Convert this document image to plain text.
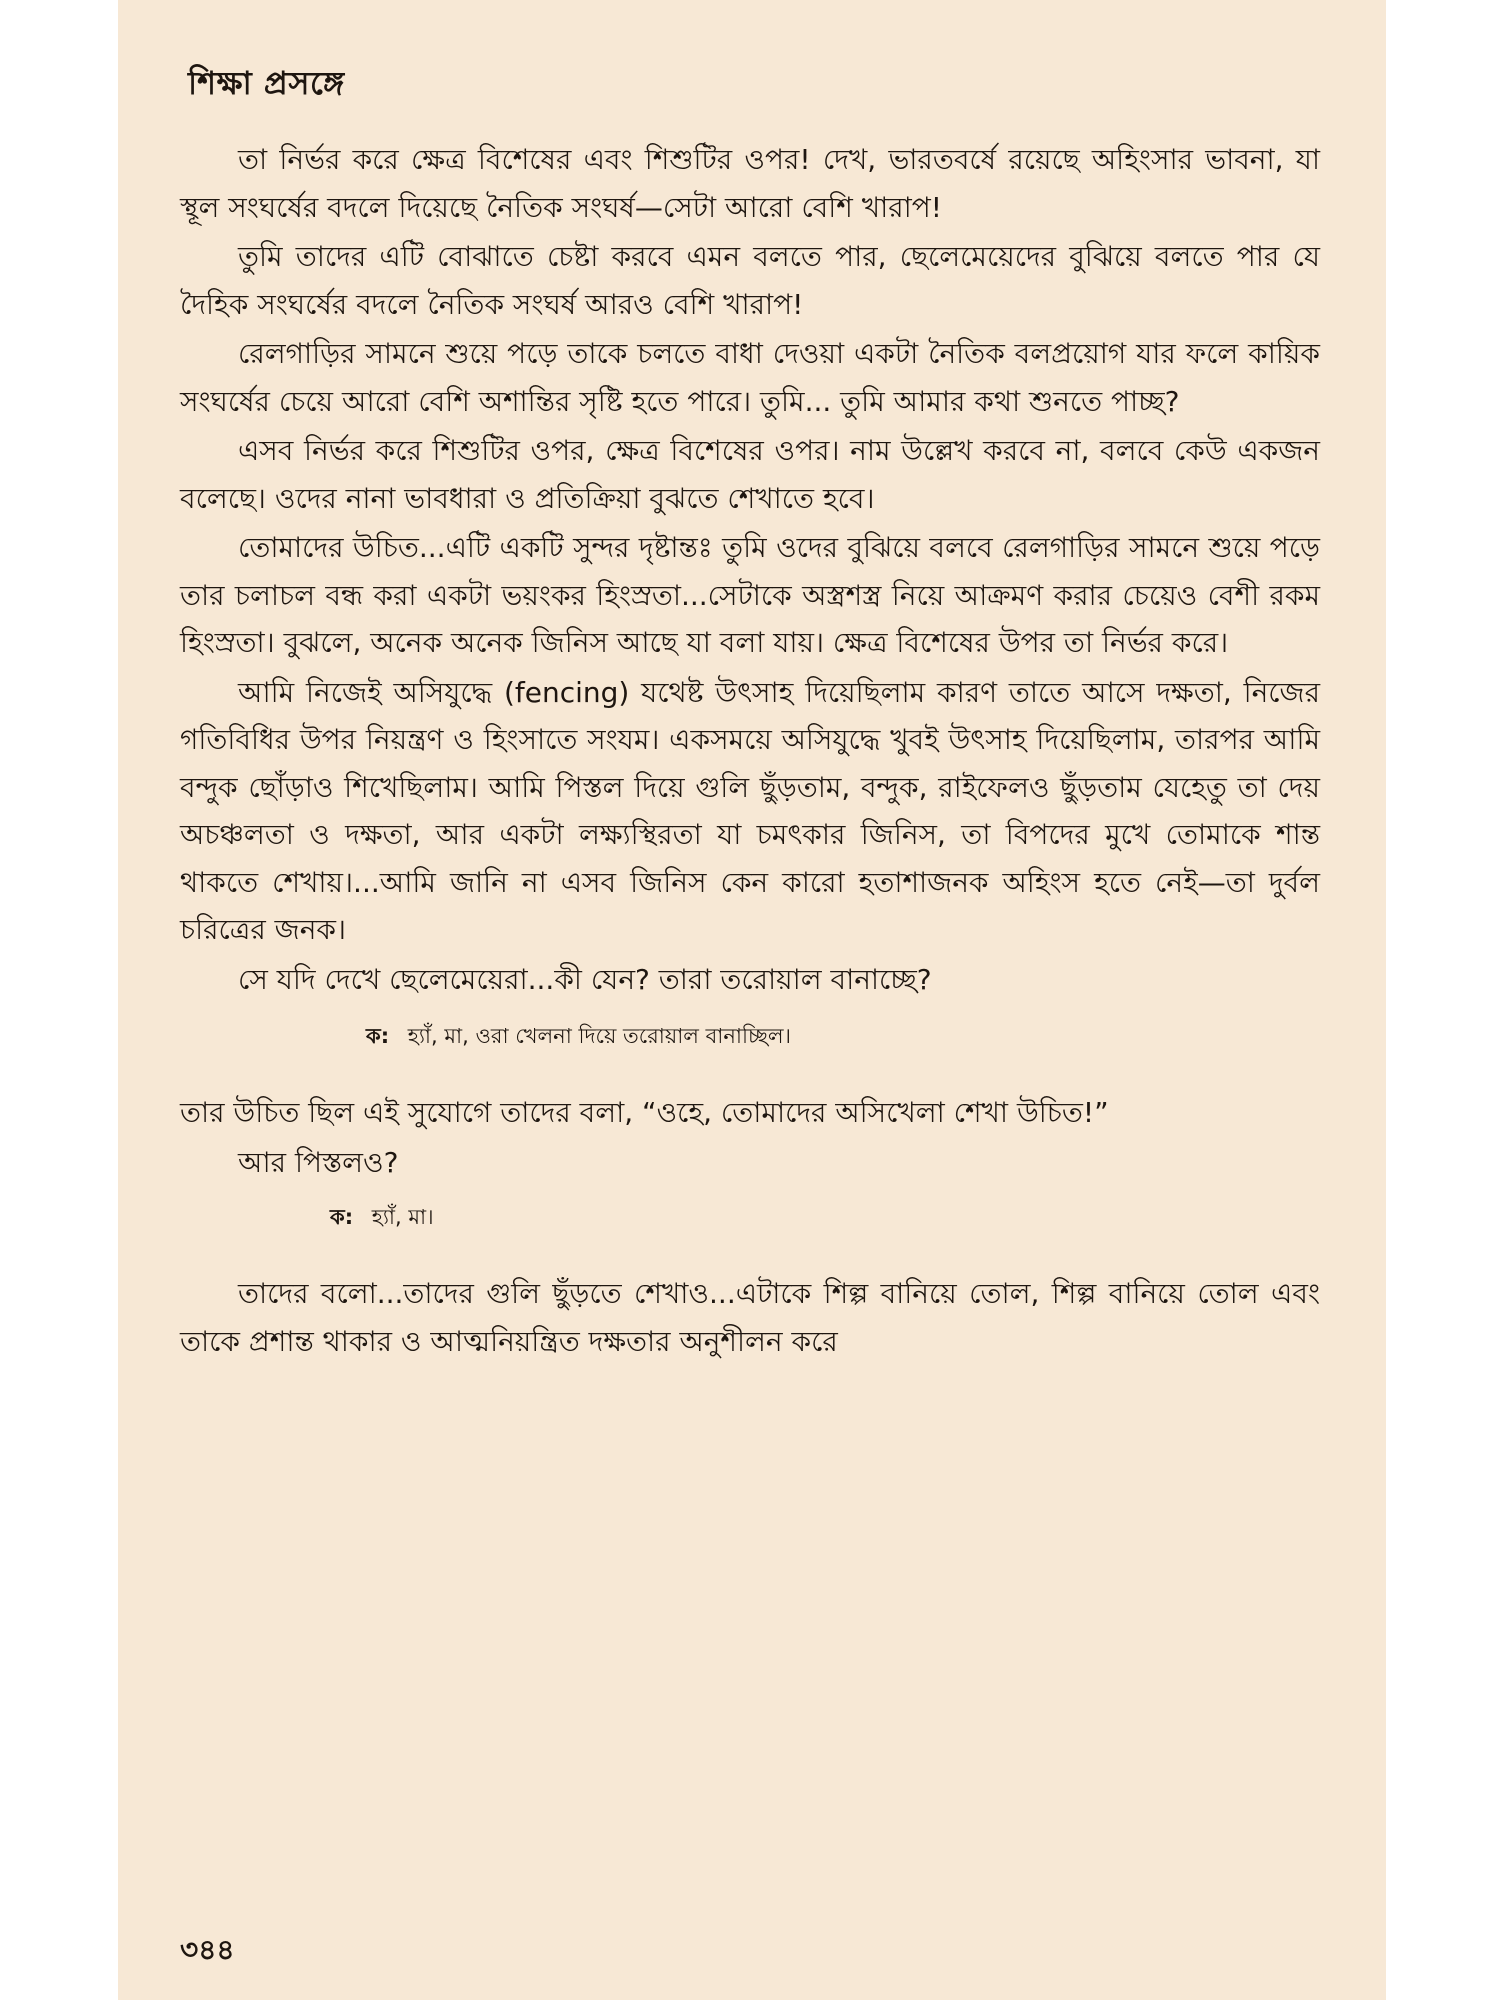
শিক্ষা প্রসঙ্গে

তা নির্ভর করে ক্ষেত্র বিশেষের এবং শিশুটির ওপর! দেখ, ভারতবর্ষে রয়েছে অহিংসার ভাবনা, যা স্থূল সংঘর্ষের বদলে দিয়েছে নৈতিক সংঘর্ষ—সেটা আরো বেশি খারাপ!

তুমি তাদের এটি বোঝাতে চেষ্টা করবে এমন বলতে পার, ছেলেমেয়েদের বুঝিয়ে বলতে পার যে দৈহিক সংঘর্ষের বদলে নৈতিক সংঘর্ষ আরও বেশি খারাপ!

রেলগাড়ির সামনে শুয়ে পড়ে তাকে চলতে বাধা দেওয়া একটা নৈতিক বলপ্রয়োগ যার ফলে কায়িক সংঘর্ষের চেয়ে আরো বেশি অশান্তির সৃষ্টি হতে পারে। তুমি... তুমি আমার কথা শুনতে পাচ্ছ?

এসব নির্ভর করে শিশুটির ওপর, ক্ষেত্র বিশেষের ওপর। নাম উল্লেখ করবে না, বলবে কেউ একজন বলেছে। ওদের নানা ভাবধারা ও প্রতিক্রিয়া বুঝতে শেখাতে হবে।

তোমাদের উচিত...এটি একটি সুন্দর দৃষ্টান্তঃ তুমি ওদের বুঝিয়ে বলবে রেলগাড়ির সামনে শুয়ে পড়ে তার চলাচল বন্ধ করা একটা ভয়ংকর হিংস্রতা...সেটাকে অস্ত্রশস্ত্র নিয়ে আক্রমণ করার চেয়েও বেশী রকম হিংস্রতা। বুঝলে, অনেক অনেক জিনিস আছে যা বলা যায়। ক্ষেত্র বিশেষের উপর তা নির্ভর করে।

আমি নিজেই অসিযুদ্ধে (fencing) যথেষ্ট উৎসাহ দিয়েছিলাম কারণ তাতে আসে দক্ষতা, নিজের গতিবিধির উপর নিয়ন্ত্রণ ও হিংসাতে সংযম। একসময়ে অসিযুদ্ধে খুবই উৎসাহ দিয়েছিলাম, তারপর আমি বন্দুক ছোঁড়াও শিখেছিলাম। আমি পিস্তল দিয়ে গুলি ছুঁড়তাম, বন্দুক, রাইফেলও ছুঁড়তাম যেহেতু তা দেয় অচঞ্চলতা ও দক্ষতা, আর একটা লক্ষ্যস্থিরতা যা চমৎকার জিনিস, তা বিপদের মুখে তোমাকে শান্ত থাকতে শেখায়।...আমি জানি না এসব জিনিস কেন কারো হতাশাজনক অহিংস হতে নেই—তা দুর্বল চরিত্রের জনক।

সে যদি দেখে ছেলেমেয়েরা...কী যেন? তারা তরোয়াল বানাচ্ছে?

ক: হ্যাঁ, মা, ওরা খেলনা দিয়ে তরোয়াল বানাচ্ছিল।

তার উচিত ছিল এই সুযোগে তাদের বলা, “ওহে, তোমাদের অসিখেলা শেখা উচিত!”

আর পিস্তলও?

ক: হ্যাঁ, মা।

তাদের বলো...তাদের গুলি ছুঁড়তে শেখাও...এটাকে শিল্প বানিয়ে তোল, শিল্প বানিয়ে তোল এবং তাকে প্রশান্ত থাকার ও আত্মনিয়ন্ত্রিত দক্ষতার অনুশীলন করে

৩৪৪
